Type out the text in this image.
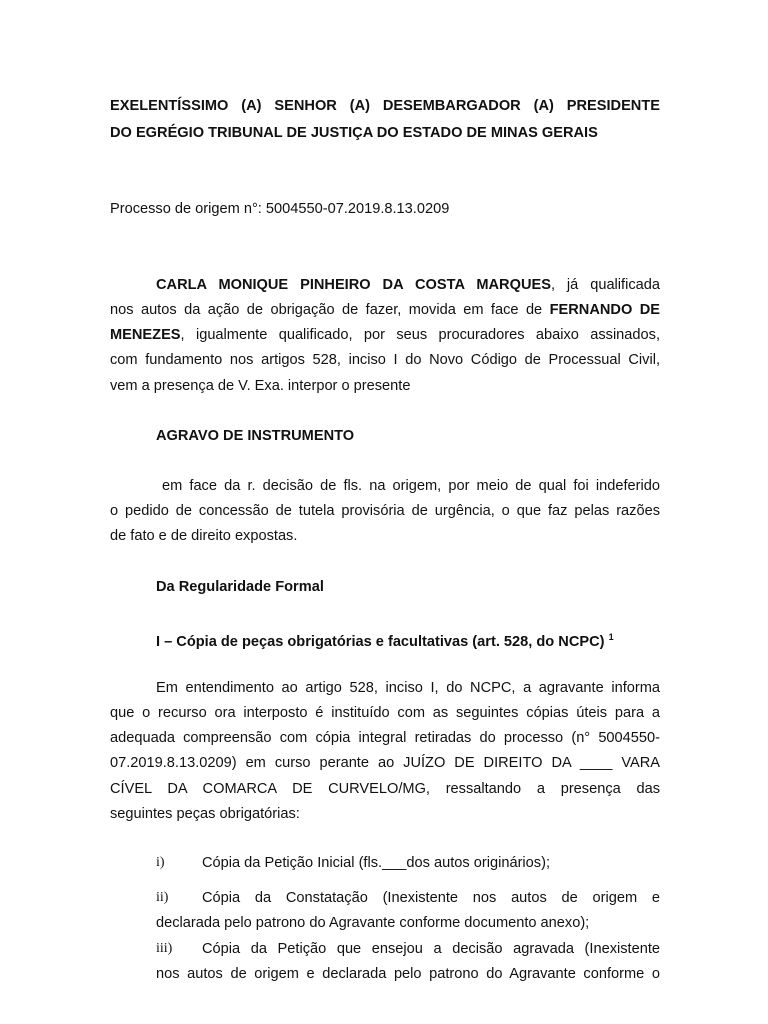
EXELENTÍSSIMO (A) SENHOR (A) DESEMBARGADOR (A) PRESIDENTE
DO EGRÉGIO TRIBUNAL DE JUSTIÇA DO ESTADO DE MINAS GERAIS
Processo de origem n°: 5004550-07.2019.8.13.0209
CARLA MONIQUE PINHEIRO DA COSTA MARQUES, já qualificada
nos autos da ação de obrigação de fazer, movida em face de FERNANDO DE
MENEZES, igualmente qualificado, por seus procuradores abaixo assinados,
com fundamento nos artigos 528, inciso I do Novo Código de Processual Civil,
vem a presença de V. Exa. interpor o presente
AGRAVO DE INSTRUMENTO
em face da r. decisão de fls. na origem, por meio de qual foi indeferido
o pedido de concessão de tutela provisória de urgência, o que faz pelas razões
de fato e de direito expostas.
Da Regularidade Formal
I – Cópia de peças obrigatórias e facultativas (art. 528, do NCPC) $^1$
Em entendimento ao artigo 528, inciso I, do NCPC, a agravante informa
que o recurso ora interposto é instituído com as seguintes cópias úteis para a
adequada compreensão com cópia integral retiradas do processo (n° 5004550-
07.2019.8.13.0209) em curso perante ao JUÍZO DE DIREITO DA ____ VARA
CÍVEL DA COMARCA DE CURVELO/MG, ressaltando a presença das
seguintes peças obrigatórias:
i)	Cópia da Petição Inicial (fls.___dos autos originários);
ii) Cópia da Constatação (Inexistente nos autos de origem e
declarada pelo patrono do Agravante conforme documento anexo);
iii) Cópia da Petição que ensejou a decisão agravada (Inexistente
nos autos de origem e declarada pelo patrono do Agravante conforme o
